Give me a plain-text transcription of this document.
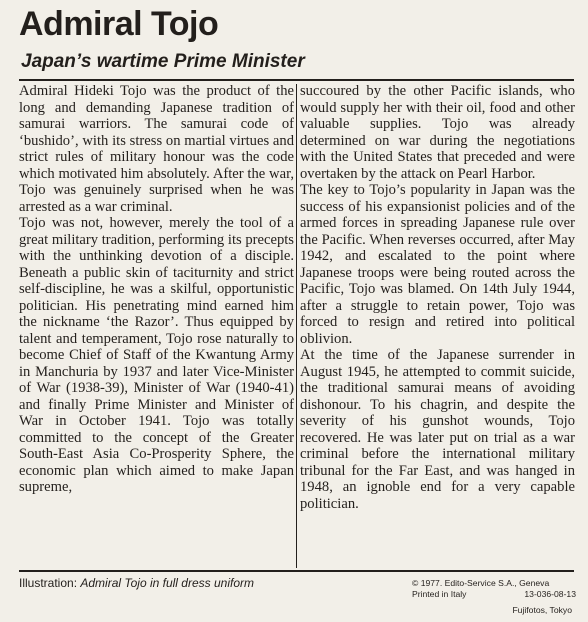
Admiral Tojo
Japan’s wartime Prime Minister

Admiral Hideki Tojo was the product of the long and demanding Japanese tradition of samurai warriors. The samurai code of ‘bushido’, with its stress on martial virtues and strict rules of military honour was the code which motivated him absolutely. After the war, Tojo was genuinely surprised when he was arrested as a war criminal.

Tojo was not, however, merely the tool of a great military tradition, performing its precepts with the unthinking devotion of a disciple. Beneath a public skin of taciturnity and strict self-discipline, he was a skilful, opportunistic politician. His penetrating mind earned him the nickname ‘the Razor’. Thus equipped by talent and temperament, Tojo rose naturally to become Chief of Staff of the Kwantung Army in Manchuria by 1937 and later Vice-Minister of War (1938-39), Minister of War (1940-41) and finally Prime Minister and Minister of War in October 1941. Tojo was totally committed to the concept of the Greater South-East Asia Co-Prosperity Sphere, the economic plan which aimed to make Japan supreme,

succoured by the other Pacific islands, who would supply her with their oil, food and other valuable supplies. Tojo was already determined on war during the negotiations with the United States that preceded and were overtaken by the attack on Pearl Harbor.

The key to Tojo’s popularity in Japan was the success of his expansionist policies and of the armed forces in spreading Japanese rule over the Pacific. When reverses occurred, after May 1942, and escalated to the point where Japanese troops were being routed across the Pacific, Tojo was blamed. On 14th July 1944, after a struggle to retain power, Tojo was forced to resign and retired into political oblivion.

At the time of the Japanese surrender in August 1945, he attempted to commit suicide, the traditional samurai means of avoiding dishonour. To his chagrin, and despite the severity of his gunshot wounds, Tojo recovered. He was later put on trial as a war criminal before the international military tribunal for the Far East, and was hanged in 1948, an ignoble end for a very capable politician.

Illustration: Admiral Tojo in full dress uniform	© 1977. Edito-Service S.A., Geneva
Printed in Italy	13-036-08-13
Fujifotos, Tokyo
